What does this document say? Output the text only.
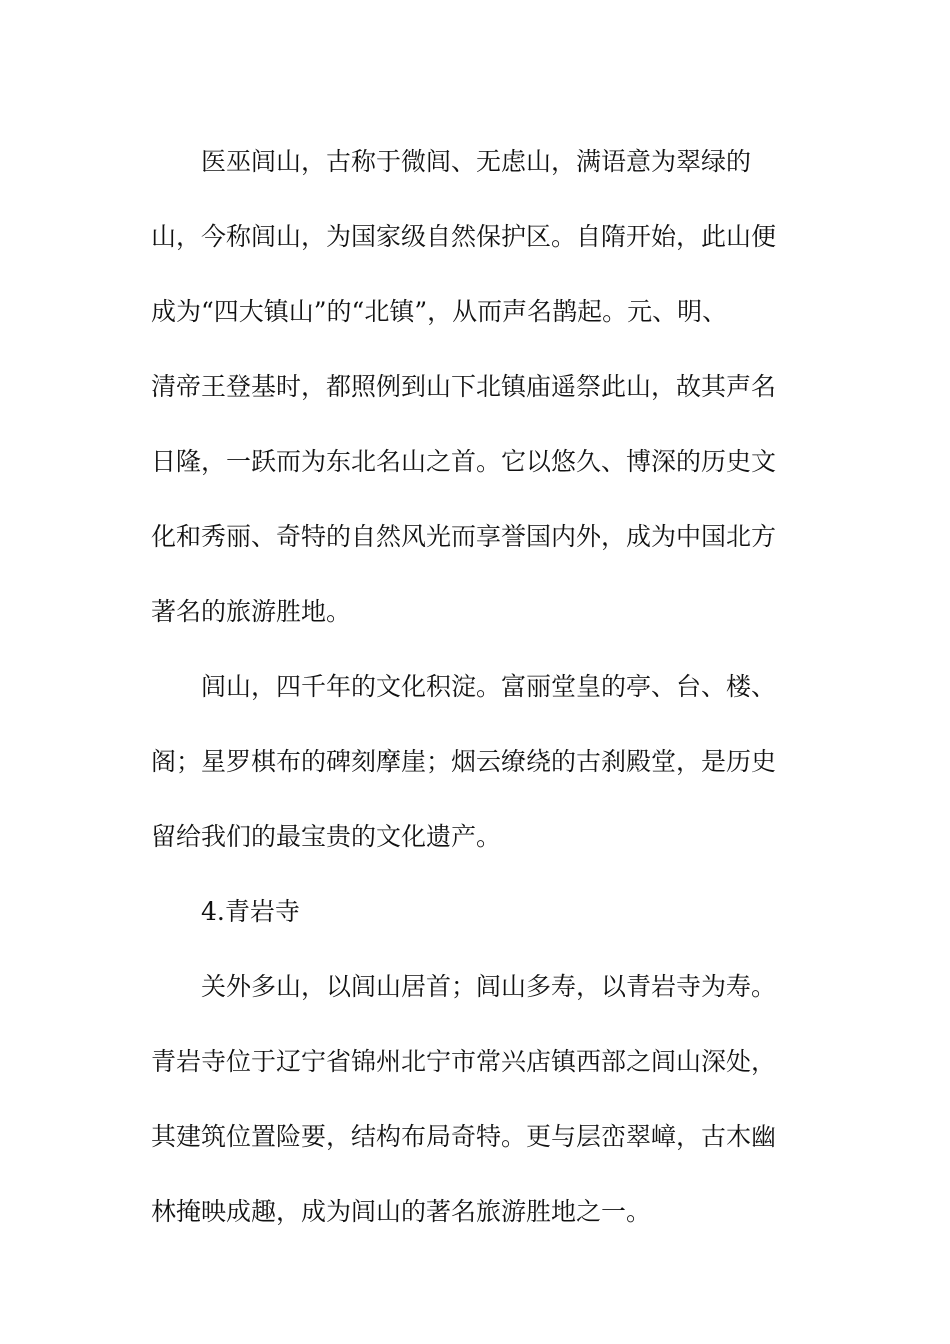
医巫闾山，古称于微闾、无虑山，满语意为翠绿的
山，今称闾山，为国家级自然保护区。自隋开始，此山便
成为“四大镇山”的“北镇”，从而声名鹊起。元、明、
清帝王登基时，都照例到山下北镇庙遥祭此山，故其声名
日隆，一跃而为东北名山之首。它以悠久、博深的历史文
化和秀丽、奇特的自然风光而享誉国内外，成为中国北方
著名的旅游胜地。
闾山，四千年的文化积淀。富丽堂皇的亭、台、楼、
阁；星罗棋布的碑刻摩崖；烟云缭绕的古刹殿堂，是历史
留给我们的最宝贵的文化遗产。
4.青岩寺
关外多山，以闾山居首；闾山多寿，以青岩寺为寿。
青岩寺位于辽宁省锦州北宁市常兴店镇西部之闾山深处，
其建筑位置险要，结构布局奇特。更与层峦翠嶂，古木幽
林掩映成趣，成为闾山的著名旅游胜地之一。
